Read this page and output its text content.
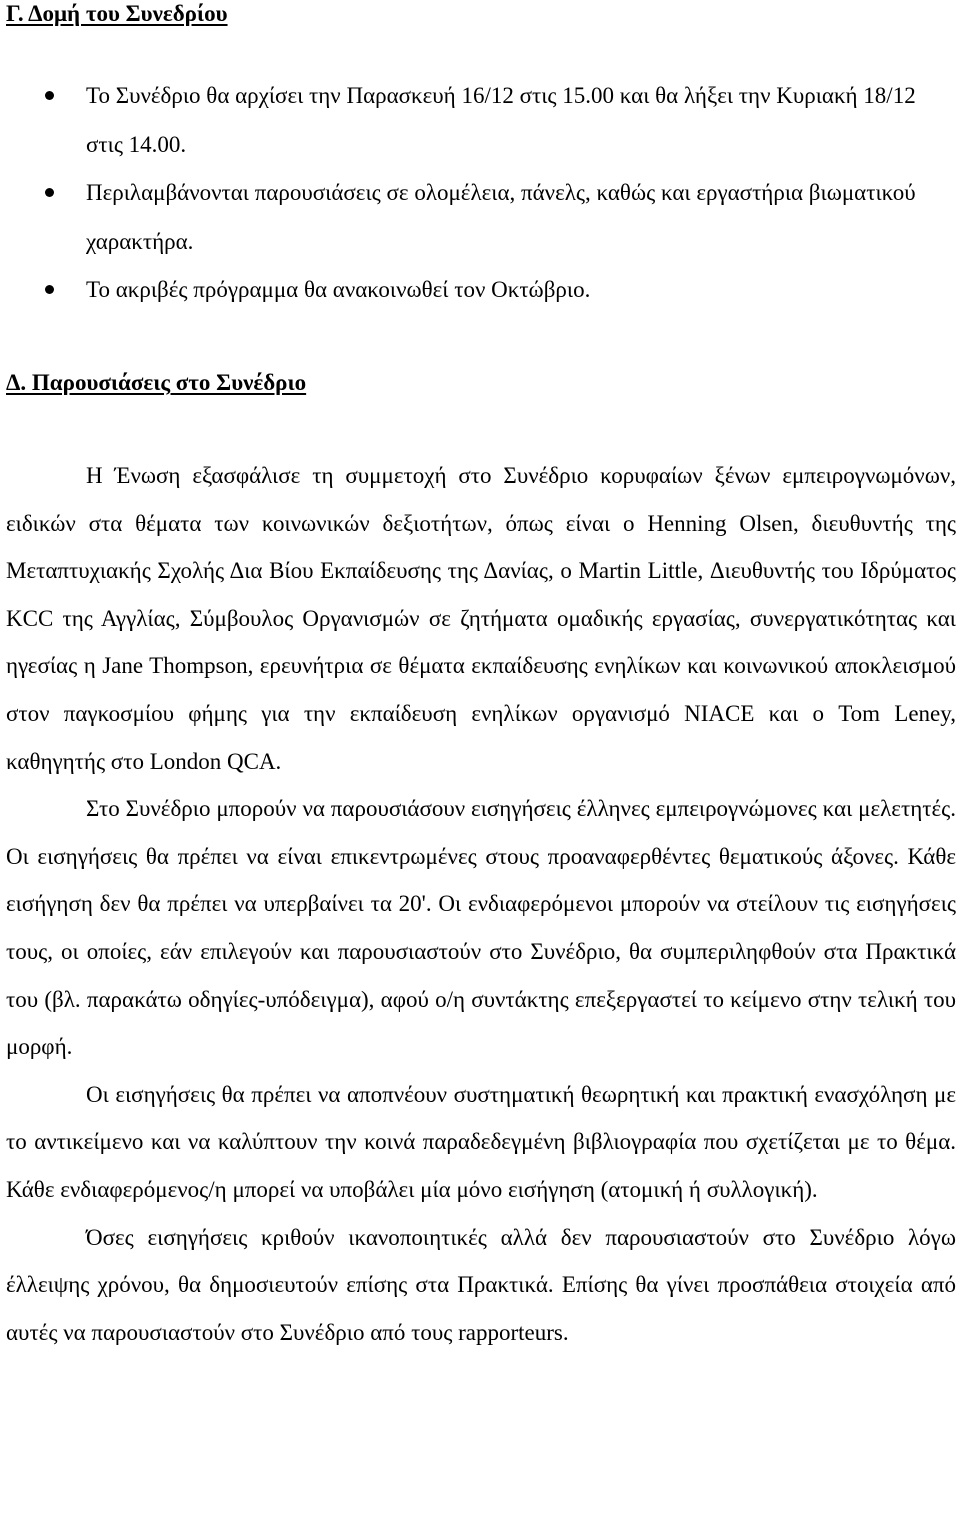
Γ. Δομή του Συνεδρίου
Το Συνέδριο θα αρχίσει την Παρασκευή 16/12 στις 15.00 και θα λήξει την Κυριακή 18/12 στις 14.00.
Περιλαμβάνονται παρουσιάσεις σε ολομέλεια, πάνελς, καθώς και εργαστήρια βιωματικού χαρακτήρα.
Το ακριβές πρόγραμμα θα ανακοινωθεί τον Οκτώβριο.
Δ. Παρουσιάσεις στο Συνέδριο

Η Ένωση εξασφάλισε τη συμμετοχή στο Συνέδριο κορυφαίων ξένων εμπειρογνωμόνων, ειδικών στα θέματα των κοινωνικών δεξιοτήτων, όπως είναι ο Henning Olsen, διευθυντής της Μεταπτυχιακής Σχολής Δια Βίου Εκπαίδευσης της Δανίας, ο Martin Little, Διευθυντής του Ιδρύματος KCC της Αγγλίας, Σύμβουλος Οργανισμών σε ζητήματα ομαδικής εργασίας, συνεργατικότητας και ηγεσίας η Jane Thompson, ερευνήτρια σε θέματα εκπαίδευσης ενηλίκων και κοινωνικού αποκλεισμού στον παγκοσμίου φήμης για την εκπαίδευση ενηλίκων οργανισμό NIACE και ο Tom Leney, καθηγητής στο London QCA.

Στο Συνέδριο μπορούν να παρουσιάσουν εισηγήσεις έλληνες εμπειρογνώμονες και μελετητές. Οι εισηγήσεις θα πρέπει να είναι επικεντρωμένες στους προαναφερθέντες θεματικούς άξονες. Κάθε εισήγηση δεν θα πρέπει να υπερβαίνει τα 20'. Οι ενδιαφερόμενοι μπορούν να στείλουν τις εισηγήσεις τους, οι οποίες, εάν επιλεγούν και παρουσιαστούν στο Συνέδριο, θα συμπεριληφθούν στα Πρακτικά του (βλ. παρακάτω οδηγίες-υπόδειγμα), αφού ο/η συντάκτης επεξεργαστεί το κείμενο στην τελική του μορφή.

Οι εισηγήσεις θα πρέπει να αποπνέουν συστηματική θεωρητική και πρακτική ενασχόληση με το αντικείμενο και να καλύπτουν την κοινά παραδεδεγμένη βιβλιογραφία που σχετίζεται με το θέμα. Κάθε ενδιαφερόμενος/η μπορεί να υποβάλει μία μόνο εισήγηση (ατομική ή συλλογική).

Όσες εισηγήσεις κριθούν ικανοποιητικές αλλά δεν παρουσιαστούν στο Συνέδριο λόγω έλλειψης χρόνου, θα δημοσιευτούν επίσης στα Πρακτικά. Επίσης θα γίνει προσπάθεια στοιχεία από αυτές να παρουσιαστούν στο Συνέδριο από τους rapporteurs.
